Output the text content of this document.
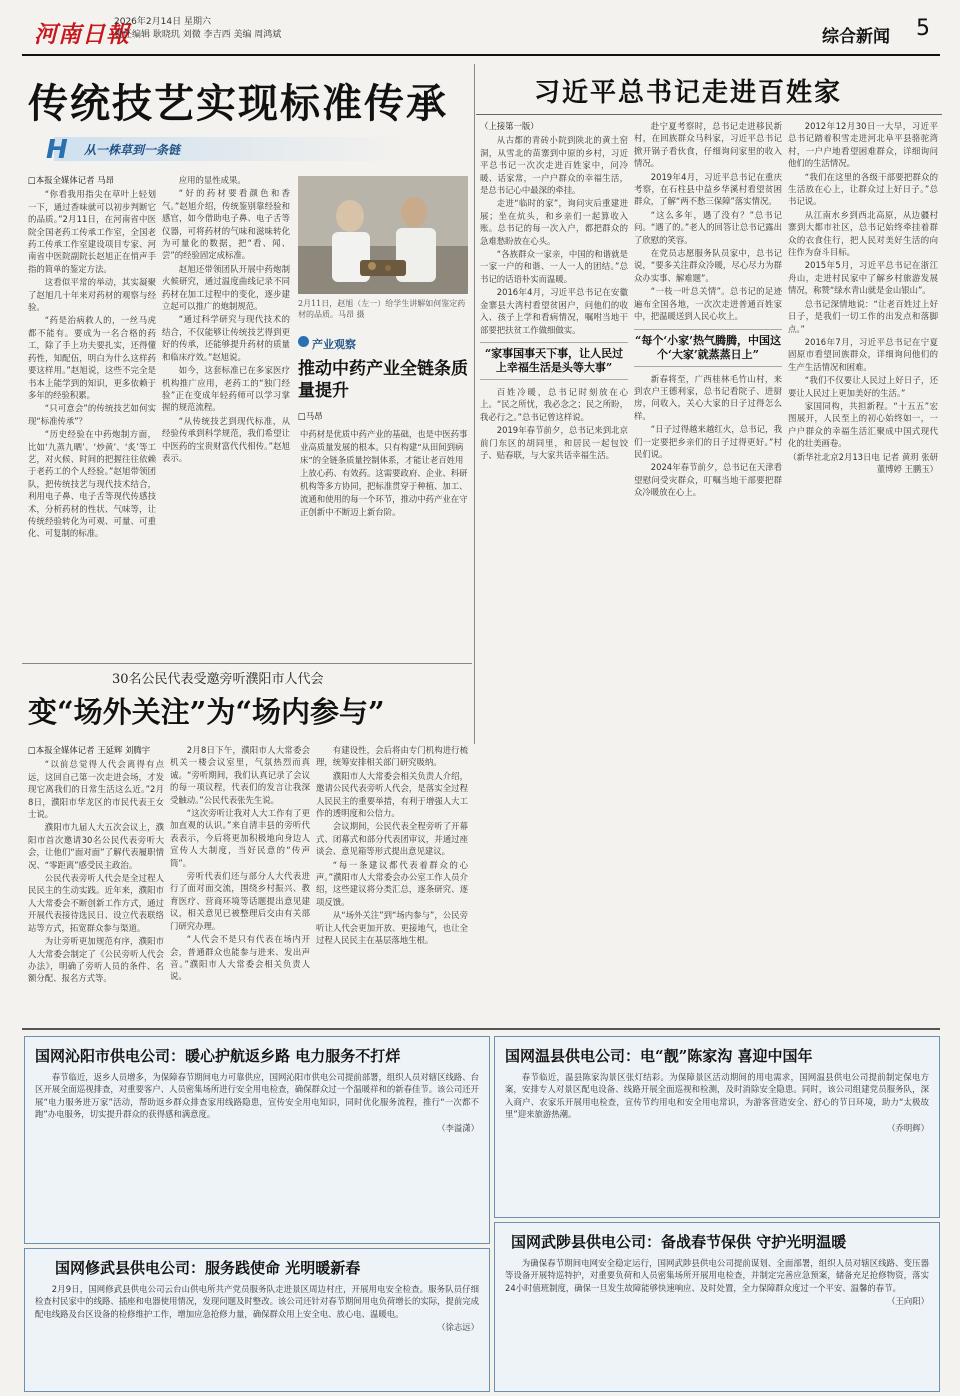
河南日報
2026年2月14日 星期六
责任编辑 耿晓玑 刘微 李吉西 美编 周鸿斌	综合新闻 5
传统技艺实现标准传承
H 从一株草到一条链
□本报全媒体记者 马昂

“你看我用指尖在草叶上轻划一下，通过香味就可以初步判断它的品质。”2月11日，在河南省中医院全国老药工传承工作室，全国老药工传承工作室建设项目专家、河南省中医院副院长赵旭正在悄声手指的简单的鉴定方法。

这看似平常的举动，其实凝聚了赵旭几十年来对药材的观察与经验。

“药是治病救人的，一丝马虎都不能有。要成为一名合格的药工，除了手上功夫要扎实，还得懂药性，知配伍，明白为什么这样药要这样用。”赵旭说，这些不完全是书本上能学到的知识，更多依赖于多年的经验积累。

“只可意会”的传统技艺如何实现“标准传承”？

“历史经验在中药炮制方面，比如‘九蒸九晒’、‘炒黄’、‘炙’等工艺，对火候、时间的把握往往依赖于老药工的个人经验。”赵旭带领团队，把传统技艺与现代技术结合，利用电子鼻、电子舌等现代传感技术，分析药材的性状、气味等，让传统经验转化为可观、可量、可重化、可复制的标准。

应用的显性成果。

“好的药材要看颜色和香气。”赵旭介绍，传统鉴别靠经验和感官，如今借助电子鼻、电子舌等仪器，可将药材的气味和滋味转化为可量化的数据，把“看、闻、尝”的经验固定成标准。

赵旭还带领团队开展中药炮制火候研究，通过温度曲线记录不同药材在加工过程中的变化，逐步建立起可以推广的炮制规范。

“通过科学研究与现代技术的结合，不仅能够让传统技艺得到更好的传承，还能够提升药材的质量和临床疗效。”赵旭说。

如今，这套标准已在多家医疗机构推广应用，老药工的“独门经验”正在变成年轻药师可以学习掌握的规范流程。

“从传统技艺到现代标准，从经验传承到科学规范，我们希望让中医药的宝贵财富代代相传。”赵旭表示。

2月11日，赵旭（左一）给学生讲解如何鉴定药材的品质。马昂 摄
产业观察
推动中药产业全链条质量提升
□马昂
中药材是优质中药产业的基础，也是中医药事业高质量发展的根本。只有构建“从田间到病床”的全链条质量控制体系，才能让老百姓用上放心药、有效药。这需要政府、企业、科研机构等多方协同，把标准贯穿于种植、加工、流通和使用的每一个环节，推动中药产业在守正创新中不断迈上新台阶。
30名公民代表受邀旁听濮阳市人代会
变“场外关注”为“场内参与”
□本报全媒体记者 王延辉 刘腾宇

“以前总觉得人代会离得有点远，这回自己第一次走进会场，才发现它离我们的日常生活这么近。”2月8日，濮阳市华龙区的市民代表王女士说。

濮阳市九届人大五次会议上，濮阳市首次邀请30名公民代表旁听大会，让他们“面对面”了解代表履职情况、“零距离”感受民主政治。

公民代表旁听人代会是全过程人民民主的生动实践。近年来，濮阳市人大常委会不断创新工作方式，通过开展代表接待选民日、设立代表联络站等方式，拓宽群众参与渠道。

为让旁听更加规范有序，濮阳市人大常委会制定了《公民旁听人代会办法》，明确了旁听人员的条件、名额分配、报名方式等。

2月8日下午，濮阳市人大常委会机关一楼会议室里，气氛热烈而真诚。“旁听期间，我们认真记录了会议的每一项议程，代表们的发言让我深受触动。”公民代表张先生说。

“这次旁听让我对人大工作有了更加直观的认识。”来自清丰县的旁听代表表示，今后将更加积极地向身边人宣传人大制度，当好民意的“传声筒”。

旁听代表们还与部分人大代表进行了面对面交流，围绕乡村振兴、教育医疗、营商环境等话题提出意见建议，相关意见已被整理后交由有关部门研究办理。

“人代会不是只有代表在场内开会，普通群众也能参与进来、发出声音。”濮阳市人大常委会相关负责人说。

有建设性，会后将由专门机构进行梳理，统筹安排相关部门研究吸纳。

濮阳市人大常委会相关负责人介绍，邀请公民代表旁听人代会，是落实全过程人民民主的重要举措，有利于增强人大工作的透明度和公信力。

会议期间，公民代表全程旁听了开幕式、闭幕式和部分代表团审议，并通过座谈会、意见箱等形式提出意见建议。

“每一条建议都代表着群众的心声。”濮阳市人大常委会办公室工作人员介绍，这些建议将分类汇总，逐条研究、逐项反馈。

从“场外关注”到“场内参与”，公民旁听让人代会更加开放、更接地气，也让全过程人民民主在基层落地生根。

习近平总书记走进百姓家
（上接第一版）

从古都的青砖小院到陕北的黄土窑洞，从雪北的苗寨到中原的乡村，习近平总书记一次次走进百姓家中，问冷暖、话家常，一户户群众的幸福生活，是总书记心中最深的牵挂。

走进“临时的家”，询问灾后重建进展；坐在炕头，和乡亲们一起算收入账。总书记的每一次入户，都把群众的急难愁盼放在心头。

“各族群众一家亲，中国的和谐就是一家一户的和谐、一人一人的团结。”总书记的话语朴实而温暖。

2016年4月，习近平总书记在安徽金寨县大湾村看望贫困户，问他们的收入、孩子上学和看病情况，嘱咐当地干部要把扶贫工作做细做实。

“家事国事天下事，让人民过上幸福生活是头等大事”

百姓冷暖，总书记时刻放在心上。“民之所忧，我必念之；民之所盼，我必行之。”总书记曾这样说。

2019年春节前夕，总书记来到北京前门东区的胡同里，和居民一起包饺子、贴春联，与大家共话幸福生活。

赴宁夏考察时，总书记走进移民新村，在回族群众马科家，习近平总书记掀开锅子看伙食，仔细询问家里的收入情况。

2019年4月，习近平总书记在重庆考察，在石柱县中益乡华溪村看望贫困群众，了解“两不愁三保障”落实情况。

“这么多年，遇了没有？”总书记问。“遇了的。”老人的回答让总书记露出了欣慰的笑容。

在党员志愿服务队员家中，总书记说，“要多关注群众冷暖，尽心尽力为群众办实事、解难题”。

“一枝一叶总关情”。总书记的足迹遍布全国各地，一次次走进普通百姓家中，把温暖送到人民心坎上。

“每个‘小家’热气腾腾，中国这个‘大家’就蒸蒸日上”

新春将至，广西桂林毛竹山村，来到农户王德利家，总书记看院子、进厨房，问收入，关心大家的日子过得怎么样。

“日子过得越来越红火，总书记，我们一定要把乡亲们的日子过得更好。”村民们说。

2024年春节前夕，总书记在天津看望慰问受灾群众，叮嘱当地干部要把群众冷暖放在心上。

2012年12月30日一大早，习近平总书记踏着积雪走进河北阜平县骆驼湾村，一户户地看望困难群众，详细询问他们的生活情况。

“我们在这里的各级干部要把群众的生活放在心上，让群众过上好日子。”总书记说。

从江南水乡到西北高原，从边疆村寨到大都市社区，总书记始终牵挂着群众的衣食住行，把人民对美好生活的向往作为奋斗目标。

2015年5月，习近平总书记在浙江舟山，走进村民家中了解乡村旅游发展情况，称赞“绿水青山就是金山银山”。

总书记深情地说：“让老百姓过上好日子，是我们一切工作的出发点和落脚点。”

2016年7月，习近平总书记在宁夏固原市看望回族群众，详细询问他们的生产生活情况和困难。

“我们不仅要让人民过上好日子，还要让人民过上更加美好的生活。”

家国同构，共担新程。“十五五”宏图展开，人民至上的初心始终如一，一户户群众的幸福生活汇聚成中国式现代化的壮美画卷。

（新华社北京2月13日电 记者 黄玥 张研 董博婷 王鹏玉）
国网沁阳市供电公司：暖心护航返乡路 电力服务不打烊

春节临近，返乡人员增多，为保障春节期间电力可靠供应，国网沁阳市供电公司提前部署，组织人员对辖区线路、台区开展全面巡视排查，对重要客户、人员密集场所进行安全用电检查，确保群众过一个温暖祥和的新春佳节。该公司还开展“电力服务进万家”活动，帮助返乡群众排查家用线路隐患，宣传安全用电知识，同时优化服务流程，推行“一次都不跑”办电服务，切实提升群众的获得感和满意度。

（李溢潇）
国网温县供电公司：电“靓”陈家沟 喜迎中国年

春节临近，温县陈家沟景区张灯结彩。为保障景区活动期间的用电需求，国网温县供电公司提前制定保电方案，安排专人对景区配电设备、线路开展全面巡视和检测，及时消除安全隐患。同时，该公司组建党员服务队，深入商户、农家乐开展用电检查，宣传节约用电和安全用电常识，为游客营造安全、舒心的节日环境，助力“太极故里”迎来旅游热潮。

（乔明辉）
国网修武县供电公司：服务践使命 光明暖新春

2月9日，国网修武县供电公司云台山供电所共产党员服务队走进景区周边村庄，开展用电安全检查。服务队员仔细检查村民家中的线路、插座和电器使用情况，发现问题及时整改。该公司还针对春节期间用电负荷增长的实际，提前完成配电线路及台区设备的检修维护工作，增加应急抢修力量，确保群众用上安全电、放心电、温暖电。

（徐志远）
国网武陟县供电公司：备战春节保供 守护光明温暖

为确保春节期间电网安全稳定运行，国网武陟县供电公司提前谋划、全面部署，组织人员对辖区线路、变压器等设备开展特巡特护，对重要负荷和人员密集场所开展用电检查，并制定完善应急预案，储备充足抢修物资，落实24小时值班制度，确保一旦发生故障能够快速响应、及时处置，全力保障群众度过一个平安、温馨的春节。

（王向阳）
